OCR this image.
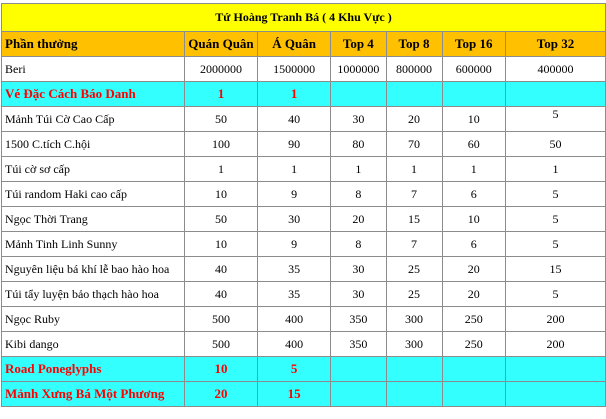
Tứ Hoàng Tranh Bá ( 4 Khu Vực )						
Phần thưởng	Quán Quân	Á Quân	Top 4	Top 8	Top 16	Top 32
Beri	2000000	1500000	1000000	800000	600000	400000
Vé Đặc Cách Báo Danh	1	1				
Mảnh Túi Cờ Cao Cấp	50	40	30	20	10	5
1500 C.tích C.hội	100	90	80	70	60	50
Túi cờ sơ cấp	1	1	1	1	1	1
Túi random Haki cao cấp	10	9	8	7	6	5
Ngọc Thời Trang	50	30	20	15	10	5
Mảnh Tinh Linh Sunny	10	9	8	7	6	5
Nguyên liệu bá khí lễ bao hào hoa	40	35	30	25	20	15
Túi tẩy luyện bảo thạch hào hoa	40	35	30	25	20	5
Ngọc Ruby	500	400	350	300	250	200
Kibi dango	500	400	350	300	250	200
Road Poneglyphs	10	5				
Mảnh Xưng Bá Một Phương	20	15				
